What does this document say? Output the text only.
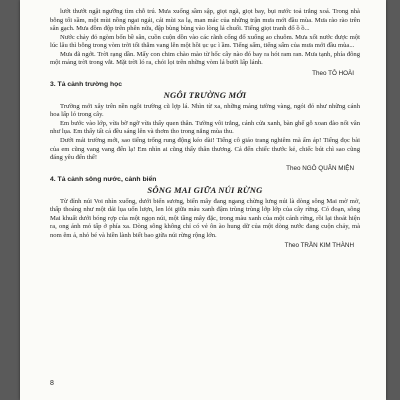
lướt thướt ngật ngưỡng tìm chỗ trú. Mưa xuống sầm sập, giọt ngã, giọt bay, bụi nước toả trắng xoá. Trong nhà bỗng tối sầm, một mùi nồng ngai ngái, cái mùi xa lạ, man mác của những trận mưa mới đầu mùa. Mưa rào rào trên sân gạch. Mưa đồm độp trên phên nứa, đập bùng bùng vào lòng lá chuối. Tiếng giọt tranh đổ ồ ồ...

Nước chảy đỏ ngòm bốn bề sân, cuồn cuộn dồn vào các rãnh cống đổ xuống ao chuôm. Mưa xối nước được một lúc lâu thì bỗng trong vòm trời tối thẫm vang lên một hồi ục ục ì ầm. Tiếng sấm, tiếng sấm của mưa mới đầu mùa...

Mưa đã ngớt. Trời rạng dần. Mấy con chim chào mào từ hốc cây nào đó bay ra hót ram ran. Mưa tạnh, phía đông một mảng trời trong vắt. Mặt trời ló ra, chói lọi trên những vòm lá bưởi lấp lánh.

Theo TÔ HOÀI

3. Tả cảnh trường học
NGÔI TRƯỜNG MỚI

Trường mới xây trên nền ngôi trường cũ lợp lá. Nhìn từ xa, những mảng tường vàng, ngói đỏ như những cánh hoa lấp ló trong cây.

Em bước vào lớp, vừa bỡ ngỡ vừa thấy quen thân. Tường vôi trắng, cánh cửa xanh, bàn ghế gỗ xoan đào nổi vân như lụa. Em thấy tất cả đều sáng lên và thơm tho trong nắng mùa thu.

Dưới mái trường mới, sao tiếng trống rung động kéo dài! Tiếng cô giáo trang nghiêm mà ấm áp! Tiếng đọc bài của em cũng vang vang đến lạ! Em nhìn ai cũng thấy thân thương. Cả đến chiếc thước kẻ, chiếc bút chì sao cũng đáng yêu đến thế!

Theo NGÔ QUÂN MIỆN

4. Tả cảnh sông nước, cảnh biển
SÔNG MAI GIỮA NÚI RỪNG

Từ đỉnh núi Voi nhìn xuống, dưới biển sương, biển mây đang ngang chừng lưng núi là dòng sông Mai mờ mờ, thấp thoáng như một dải lụa uốn lượn, len lỏi giữa màu xanh đậm trùng trùng lớp lớp của cây rừng. Có đoạn, sông Mai khuất dưới bóng rợp của một ngọn núi, một tầng mây đặc, trong màu xanh của một cánh rừng, rồi lại thoát hiện ra, ong ánh mỏ tấp ở phía xa. Dòng sông không chỉ có vẻ ôn ào hung dữ của một dòng nước đang cuộn chảy, mà nom êm ả, nhỏ bé và hiền lành biết bao giữa núi rừng rộng lớn.

Theo TRẦN KIM THÀNH

8
